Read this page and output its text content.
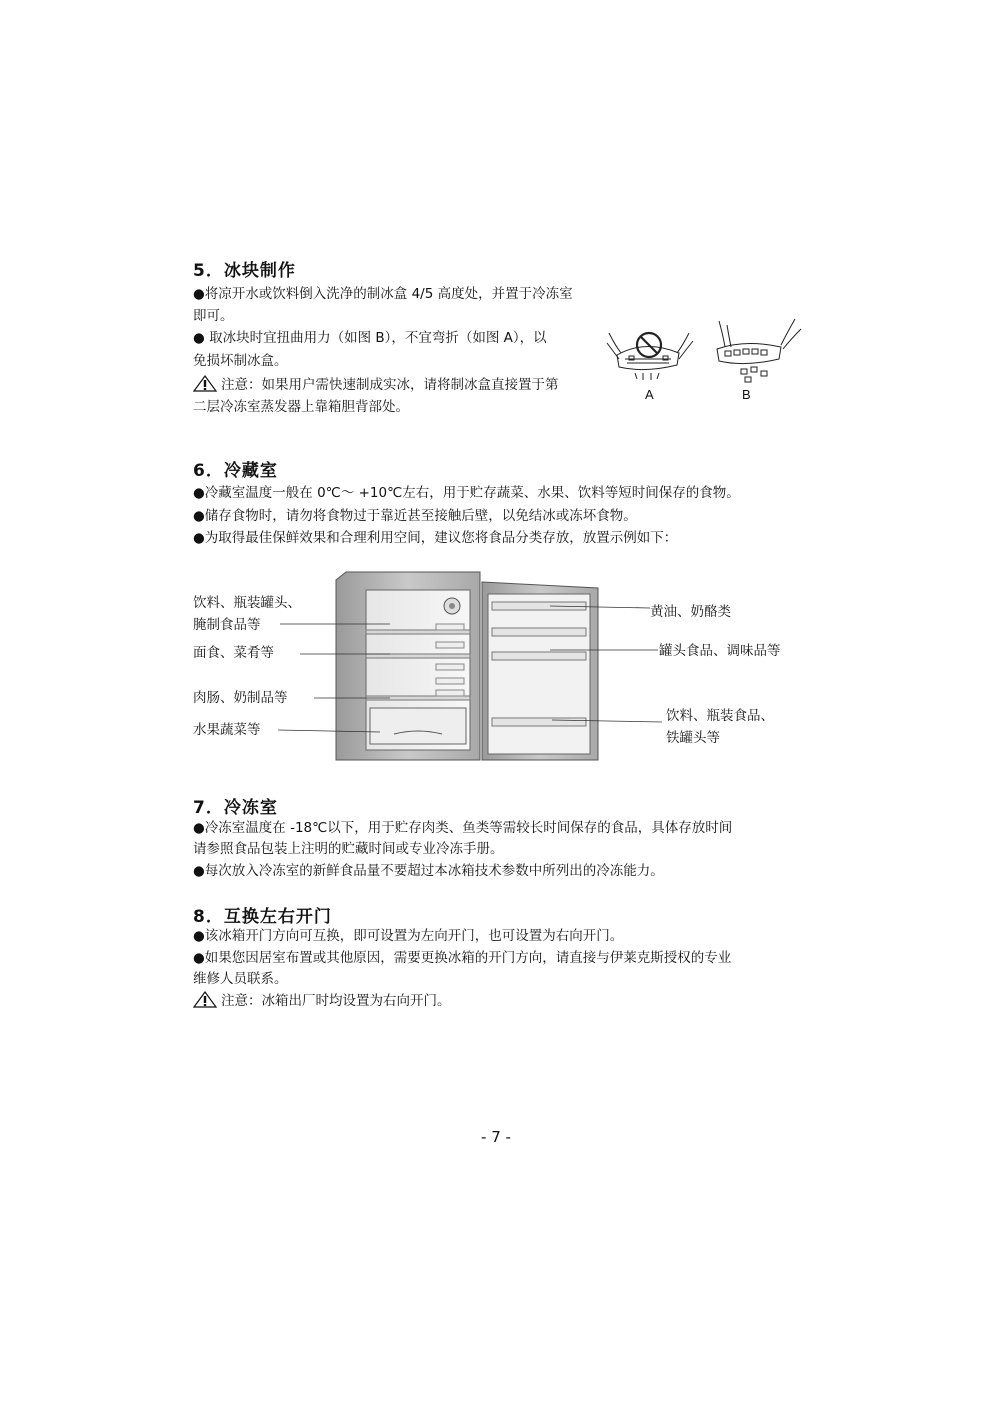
5．冰块制作

●将凉开水或饮料倒入洗净的制冰盒 4/5 高度处，并置于冷冻室

即可。

● 取冰块时宜扭曲用力（如图 B），不宜弯折（如图 A），以

免损坏制冰盒。

注意：如果用户需快速制成实冰，请将制冰盒直接置于第

二层冷冻室蒸发器上靠箱胆背部处。

A	B
6．冷藏室

●冷藏室温度一般在 0℃～ +10℃左右，用于贮存蔬菜、水果、饮料等短时间保存的食物。

●储存食物时，请勿将食物过于靠近甚至接触后壁，以免结冰或冻坏食物。

●为取得最佳保鲜效果和合理利用空间，建议您将食品分类存放，放置示例如下：

饮料、瓶装罐头、
腌制食品等
面食、菜肴等
肉肠、奶制品等
水果蔬菜等
黄油、奶酪类
罐头食品、调味品等
饮料、瓶装食品、
铁罐头等
7．冷冻室

●冷冻室温度在 -18℃以下，用于贮存肉类、鱼类等需较长时间保存的食品，具体存放时间

请参照食品包装上注明的贮藏时间或专业冷冻手册。

●每次放入冷冻室的新鲜食品量不要超过本冰箱技术参数中所列出的冷冻能力。

8．互换左右开门

●该冰箱开门方向可互换，即可设置为左向开门，也可设置为右向开门。

●如果您因居室布置或其他原因，需要更换冰箱的开门方向，请直接与伊莱克斯授权的专业

维修人员联系。

注意：冰箱出厂时均设置为右向开门。

- 7 -
